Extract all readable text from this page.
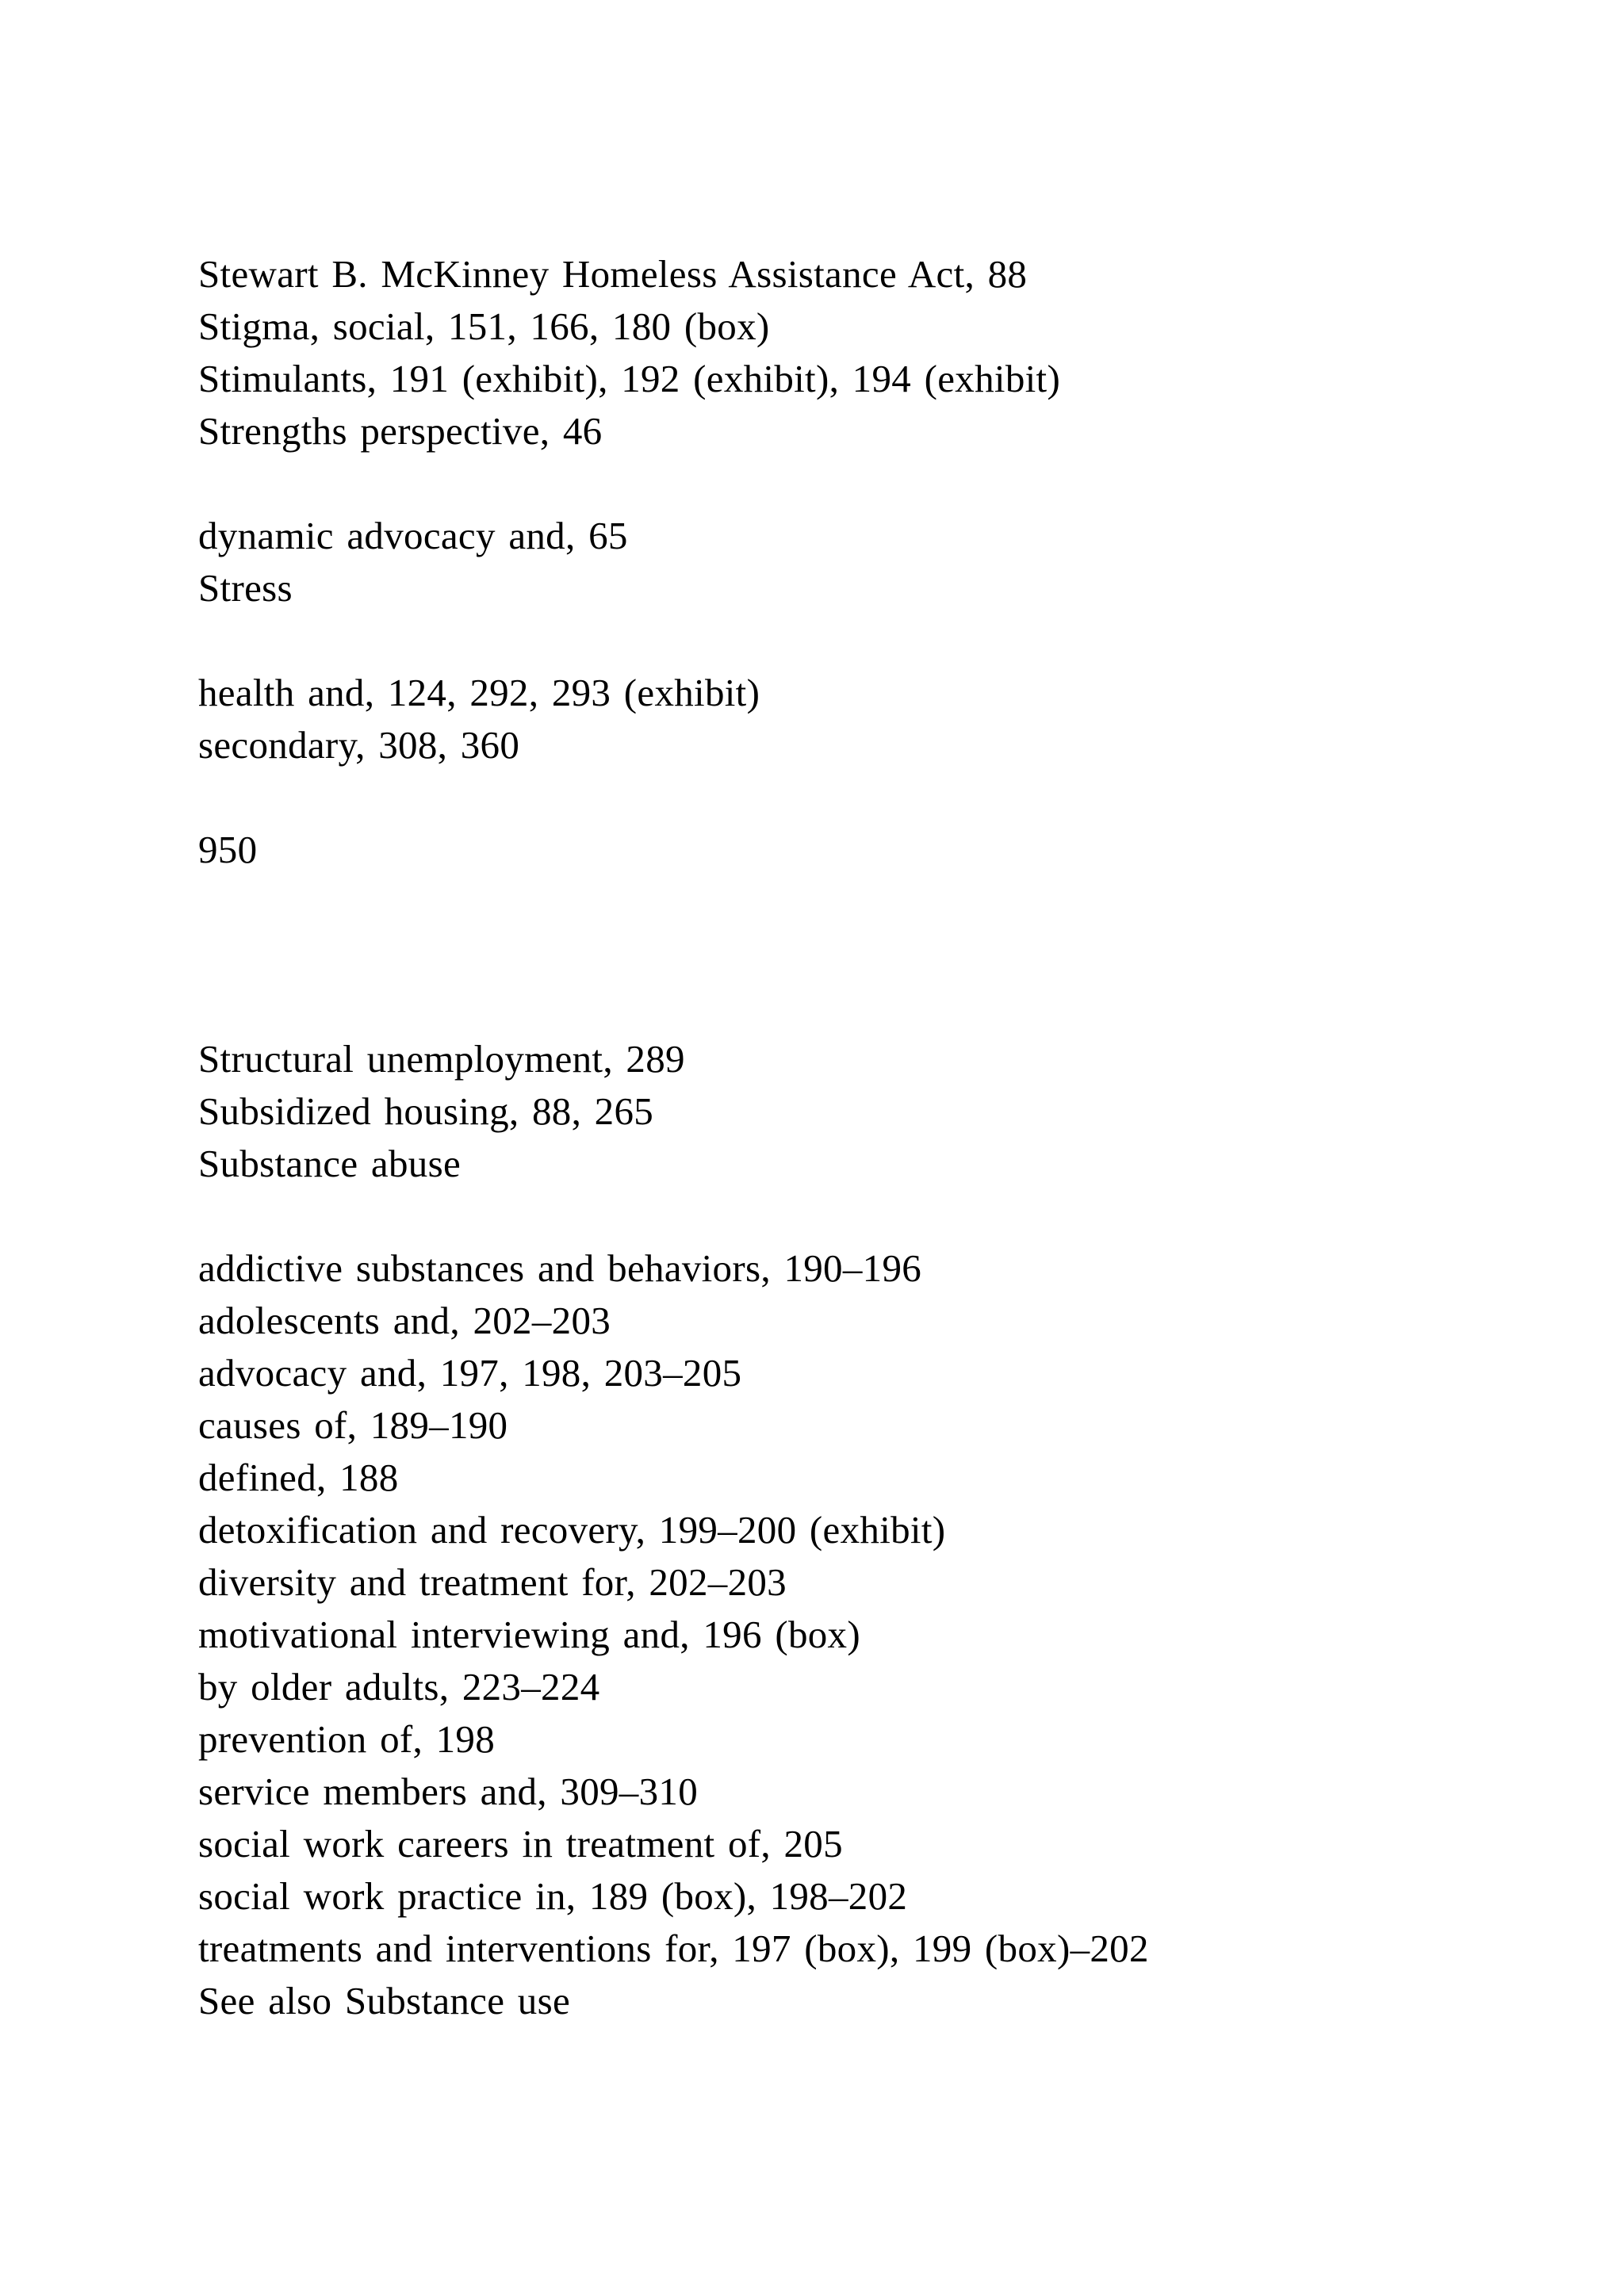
Stewart B. McKinney Homeless Assistance Act, 88
Stigma, social, 151, 166, 180 (box)
Stimulants, 191 (exhibit), 192 (exhibit), 194 (exhibit)
Strengths perspective, 46
dynamic advocacy and, 65
Stress
health and, 124, 292, 293 (exhibit)
secondary, 308, 360
950
Structural unemployment, 289
Subsidized housing, 88, 265
Substance abuse
addictive substances and behaviors, 190–196
adolescents and, 202–203
advocacy and, 197, 198, 203–205
causes of, 189–190
defined, 188
detoxification and recovery, 199–200 (exhibit)
diversity and treatment for, 202–203
motivational interviewing and, 196 (box)
by older adults, 223–224
prevention of, 198
service members and, 309–310
social work careers in treatment of, 205
social work practice in, 189 (box), 198–202
treatments and interventions for, 197 (box), 199 (box)–202
See also Substance use
